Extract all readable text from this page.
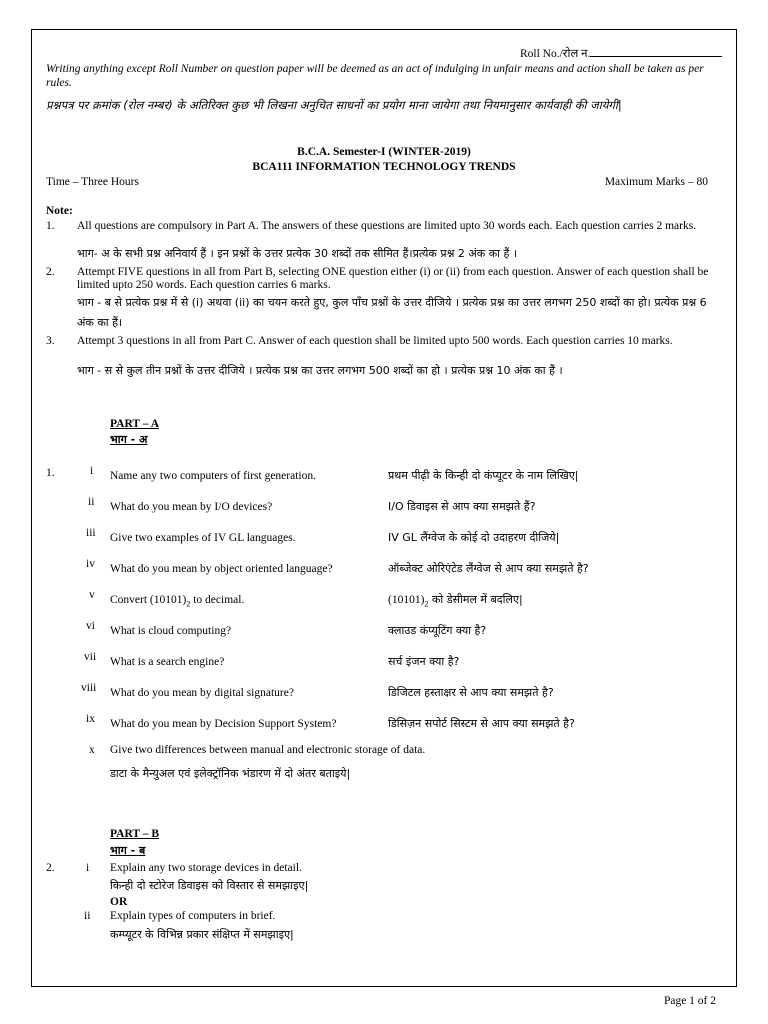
Roll No./रोल न.
Writing anything except Roll Number on question paper will be deemed as an act of indulging in unfair means and action shall be taken as per rules.
प्रश्नपत्र पर क्रमांक (रोल नम्बर) के अतिरिक्त कुछ भी लिखना अनुचित साधनों का प्रयोग माना जायेगा तथा नियमानुसार कार्यवाही की जायेगी|
B.C.A. Semester-I (WINTER-2019)
BCA111 INFORMATION TECHNOLOGY TRENDS
Time – Three Hours	Maximum Marks – 80
Note:
1. All questions are compulsory in Part A. The answers of these questions are limited upto 30 words each. Each question carries 2 marks.
भाग- अ के सभी प्रश्न अनिवार्य हैं । इन प्रश्नों के उत्तर प्रत्येक 30 शब्दों तक सीमित हैं।प्रत्येक प्रश्न 2 अंक का हैं ।
2. Attempt FIVE questions in all from Part B, selecting ONE question either (i) or (ii) from each question. Answer of each question shall be limited upto 250 words. Each question carries 6 marks.
भाग - ब से प्रत्येक प्रश्न में से (i) अथवा (ii) का चयन करते हुए, कुल पाँच प्रश्नों के उत्तर दीजिये । प्रत्येक प्रश्न का उत्तर लगभग 250 शब्दों का हो। प्रत्येक प्रश्न 6 अंक का हैं।
3. Attempt 3 questions in all from Part C. Answer of each question shall be limited upto 500 words. Each question carries 10 marks.
भाग - स से कुल तीन प्रश्नों के उत्तर दीजिये । प्रत्येक प्रश्न का उत्तर लगभग 500 शब्दों का हो । प्रत्येक प्रश्न 10 अंक का हैं ।
PART – A
भाग - अ
1.	i Name any two computers of first generation.	प्रथम पीढ़ी के किन्ही दो कंप्यूटर के नाम लिखिए|
ii What do you mean by I/O devices?	I/O डिवाइस से आप क्या समझते हैं?
iii Give two examples of IV GL languages.	IV GL लैंग्वेज के कोई दो उदाहरण दीजिये|
iv What do you mean by object oriented language?	ऑब्जेक्ट ओरिएंटेड लैंग्वेज से आप क्या समझते है?
v Convert $(10101)_2$ to decimal.	$(10101)_2$ को डेसीमल में बदलिए|
vi What is cloud computing?	क्लाउड कंप्यूटिंग क्या है?
vii What is a search engine?	सर्च इंजन क्या है?
viii What do you mean by digital signature?	डिजिटल हस्ताक्षर से आप क्या समझते है?
ix What do you mean by Decision Support System?	डिसिज़न सपोर्ट सिस्टम से आप क्या समझते है?
x Give two differences between manual and electronic storage of data.
डाटा के मैन्युअल एवं इलेक्ट्रॉनिक भंडारण में दो अंतर बताइये|
PART – B
भाग - ब
2.	i Explain any two storage devices in detail.
किन्ही दो स्टोरेज डिवाइस को विस्तार से समझाइए|
OR
ii Explain types of computers in brief.
कम्प्यूटर के विभिन्न प्रकार संक्षिप्त में समझाइए|
Page 1 of 2
